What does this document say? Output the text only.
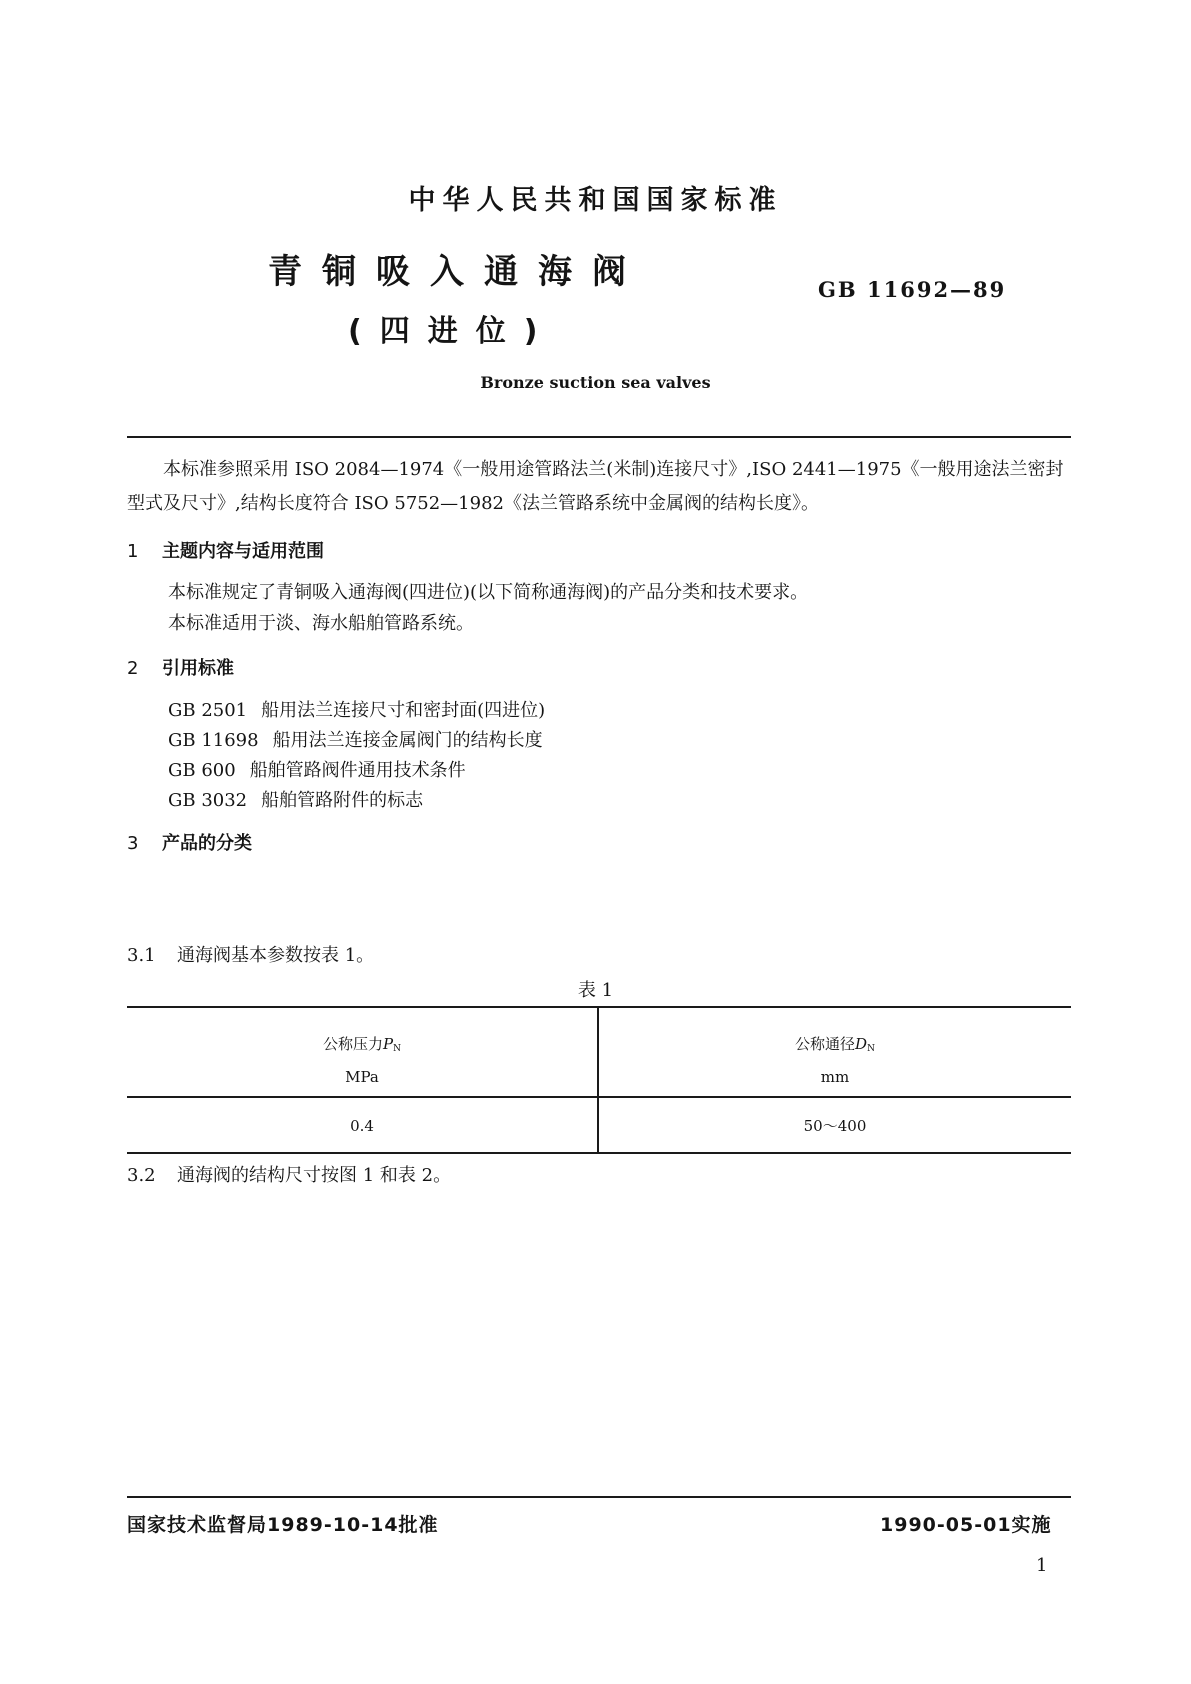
中华人民共和国国家标准
青铜吸入通海阀
(四进位)
GB 11692—89
Bronze suction sea valves
本标准参照采用 ISO 2084—1974《一般用途管路法兰(米制)连接尺寸》,ISO 2441—1975《一般用途法兰密封型式及尺寸》,结构长度符合 ISO 5752—1982《法兰管路系统中金属阀的结构长度》。
1 主题内容与适用范围
本标准规定了青铜吸入通海阀(四进位)(以下简称通海阀)的产品分类和技术要求。
本标准适用于淡、海水船舶管路系统。
2 引用标准
GB 2501 船用法兰连接尺寸和密封面(四进位)
GB 11698 船用法兰连接金属阀门的结构长度
GB 600 船舶管路阀件通用技术条件
GB 3032 船舶管路附件的标志
3 产品的分类
3.1 通海阀基本参数按表 1。
表 1
公称压力PN
MPa
公称通径DN
mm
0.4	50～400
3.2 通海阀的结构尺寸按图 1 和表 2。
国家技术监督局1989-10-14批准	1990-05-01实施
1
